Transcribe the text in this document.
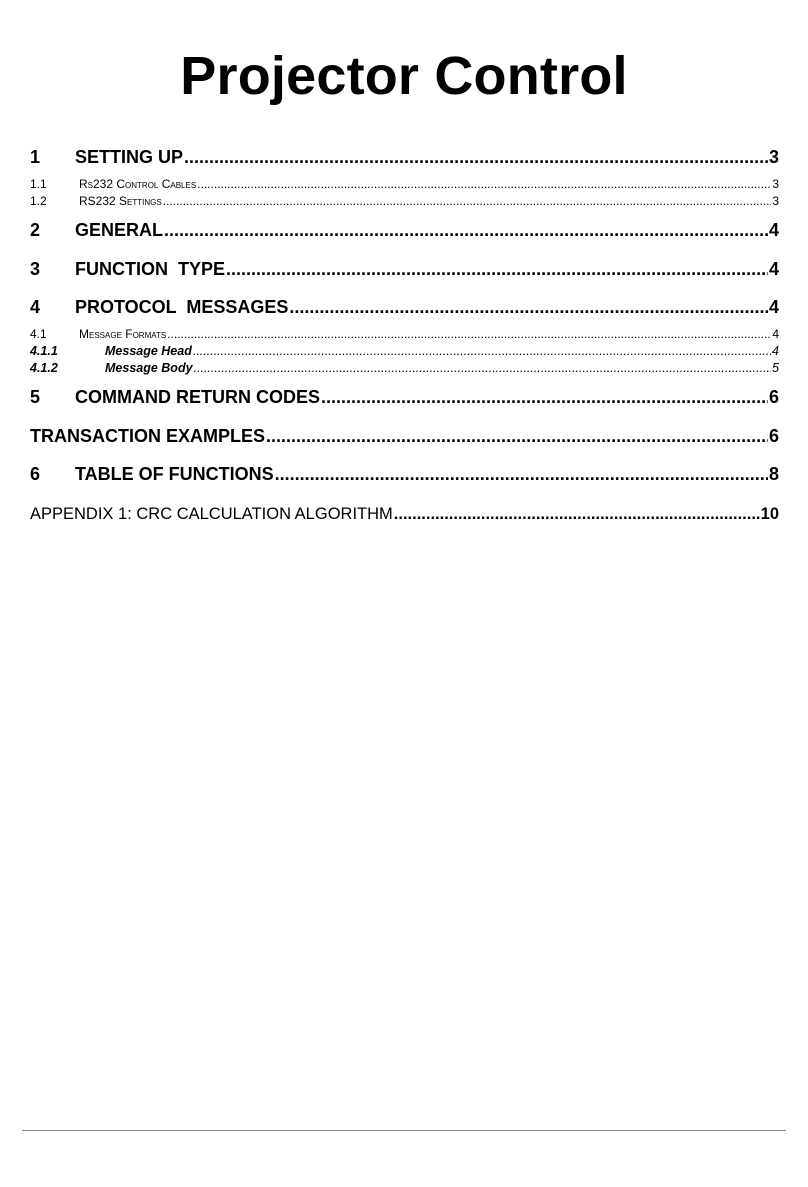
Projector Control
1	SETTING UP .....	3
1.1	Rs232 Control Cables .....	3
1.2	RS232 Settings .....	3
2	GENERAL .....	4
3	FUNCTION  TYPE .....	4
4	PROTOCOL  MESSAGES .....	4
4.1	Message Formats .....	4
4.1.1	Message Head .....	4
4.1.2	Message Body .....	5
5	COMMAND RETURN CODES .....	6
TRANSACTION EXAMPLES .....	6
6	TABLE OF FUNCTIONS .....	8
APPENDIX 1: CRC CALCULATION ALGORITHM .....	10
